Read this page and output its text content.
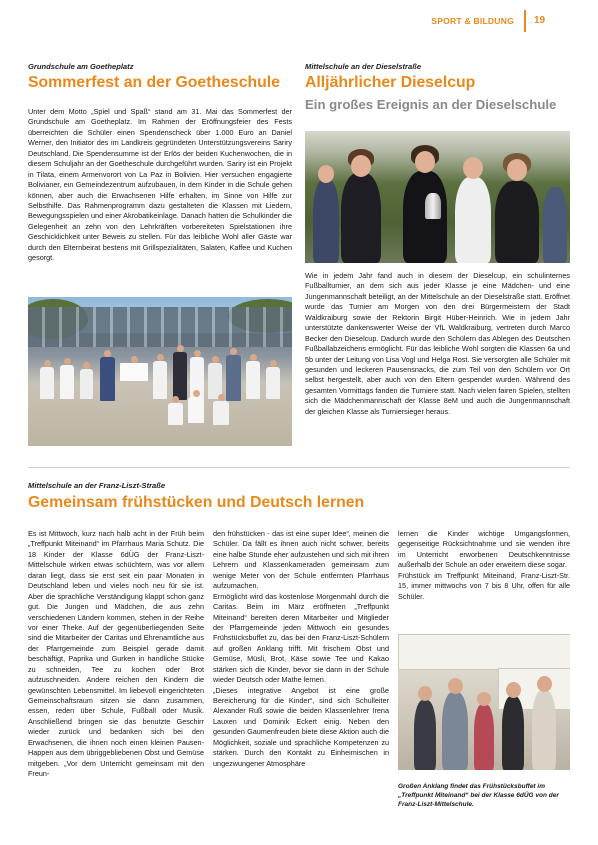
SPORT & BILDUNG 19
Grundschule am Goetheplatz
Sommerfest an der Goetheschule

Unter dem Motto „Spiel und Spaß“ stand am 31. Mai das Sommerfest der Grundschule am Goetheplatz. Im Rahmen der Eröffnungsfeier des Fests überreichten die Schüler einen Spendenscheck über 1.000 Euro an Daniel Werner, den Initiator des im Landkreis gegründeten Unterstützungsvereins Sariry Deutschland. Die Spendensumme ist der Erlös der beiden Kuchenwochen, die in diesem Schuljahr an der Goetheschule durchgeführt wurden. Sariry ist ein Projekt in Tilata, einem Armenvorort von La Paz in Bolivien. Hier versuchen engagierte Bolivianer, ein Gemeindezentrum aufzubauen, in dem Kinder in die Schule gehen können, aber auch die Erwachsenen Hilfe erhalten, im Sinne von Hilfe zur Selbsthilfe. Das Rahmenprogramm dazu gestalteten die Klassen mit Liedern, Bewegungsspielen und einer Akrobatikeinlage. Danach hatten die Schulkinder die Gelegenheit an zehn von den Lehrkräften vorbereiteten Spielstationen ihre Geschicklichkeit unter Beweis zu stellen. Für das leibliche Wohl aller Gäste war durch den Elternbeirat bestens mit Grillspezialitäten, Salaten, Kaffee und Kuchen gesorgt.

Mittelschule an der Dieselstraße
Alljährlicher Dieselcup
Ein großes Ereignis an der Dieselschule

Wie in jedem Jahr fand auch in diesem der Dieselcup, ein schulinternes Fußballturnier, an dem sich aus jeder Klasse je eine Mädchen- und eine Jungenmannschaft beteiligt, an der Mittelschule an der Dieselstraße statt. Eröffnet wurde das Turnier am Morgen von den drei Bürgermeistern der Stadt Waldkraiburg sowie der Rektorin Birgit Hüber-Heinrich. Wie in jedem Jahr unterstützte dankenswerter Weise der VfL Waldkraiburg, vertreten durch Marco Becker den Dieselcup. Dadurch wurde den Schülern das Ablegen des Deutschen Fußballabzeichens ermöglicht. Für das leibliche Wohl sorgten die Klassen 6a und 5b unter der Leitung von Lisa Vogl und Helga Rost. Sie versorgten alle Schüler mit gesunden und leckeren Pausensnacks, die zum Teil von den Schülern vor Ort selbst hergestellt, aber auch von den Eltern gespendet wurden. Während des gesamten Vormittags fanden die Turniere statt. Nach vielen fairen Spielen, stellten sich die Mädchenmannschaft der Klasse 8eM und auch die Jungenmannschaft der gleichen Klasse als Turniersieger heraus.

Mittelschule an der Franz-Liszt-Straße
Gemeinsam frühstücken und Deutsch lernen

Es ist Mittwoch, kurz nach halb acht in der Früh beim „Treffpunkt Miteinand“ im Pfarrhaus Maria Schutz. Die 18 Kinder der Klasse 6dÜG der Franz-Liszt- Mittelschule wirken etwas schüchtern, was vor allem daran liegt, dass sie erst seit ein paar Monaten in Deutschland leben und vieles noch neu für sie ist. Aber die sprachliche Verständigung klappt schon ganz gut. Die Jungen und Mädchen, die aus zehn verschiedenen Ländern kommen, stehen in der Reihe vor einer Theke. Auf der gegenüberliegenden Seite sind die Mitarbeiter der Caritas und Ehrenamtliche aus der Pfarrgemeinde zum Beispiel gerade damit beschäftigt, Paprika und Gurken in handliche Stücke zu schneiden, Tee zu kochen oder Brot aufzuschneiden. Andere reichen den Kindern die gewünschten Lebensmittel. Im liebevoll eingerichteten Gemeinschaftsraum sitzen sie dann zusammen, essen, reden über Schule, Fußball oder Musik. Anschließend bringen sie das benutzte Geschirr wieder zurück und bedanken sich bei den Erwachsenen, die ihnen noch einen kleinen Pausen- Happen aus dem übriggebliebenen Obst und Gemüse mitgeben. „Vor dem Unterricht gemeinsam mit den Freun-

den frühstücken - das ist eine super Idee“, meinen die Schüler. Da fällt es ihnen auch nicht schwer, bereits eine halbe Stunde eher aufzustehen und sich mit ihren Lehrern und Klassenkameraden gemeinsam zum wenige Meter von der Schule entfernten Pfarrhaus aufzumachen.

Ermöglicht wird das kostenlose Morgenmahl durch die Caritas. Beim im März eröffneten „Treffpunkt Miteinand“ bereiten deren Mitarbeiter und Mitglieder der Pfarrgemeinde jeden Mittwoch ein gesundes Frühstücksbuffet zu, das bei den Franz-Liszt-Schülern auf großen Anklang trifft. Mit frischem Obst und Gemüse, Müsli, Brot, Käse sowie Tee und Kakao stärken sich die Kinder, bevor sie dann in der Schule wieder Deutsch oder Mathe lernen.

„Dieses integrative Angebot ist eine große Bereicherung für die Kinder“, sind sich Schulleiter Alexander Ruß sowie die beiden Klassenlehrer Irena Lauxen und Dominik Eckert einig. Neben den gesunden Gaumenfreuden biete diese Aktion auch die Möglichkeit, soziale und sprachliche Kompetenzen zu stärken. Durch den Kontakt zu Einheimischen in ungezwungener Atmosphäre

lernen die Kinder wichtige Umgangsformen, gegenseitige Rücksichtnahme und sie wenden ihre im Unterricht erworbenen Deutschkenntnisse außerhalb der Schule an oder erweitern diese sogar.

Frühstück im Treffpunkt Miteinand, Franz-Liszt-Str. 15, immer mittwochs von 7 bis 8 Uhr, offen für alle Schüler.

Großen Anklang findet das Frühstücksbuffet im „Treffpunkt Miteinand“ bei der Klasse 6dÜG von der Franz-Liszt-Mittelschule.
